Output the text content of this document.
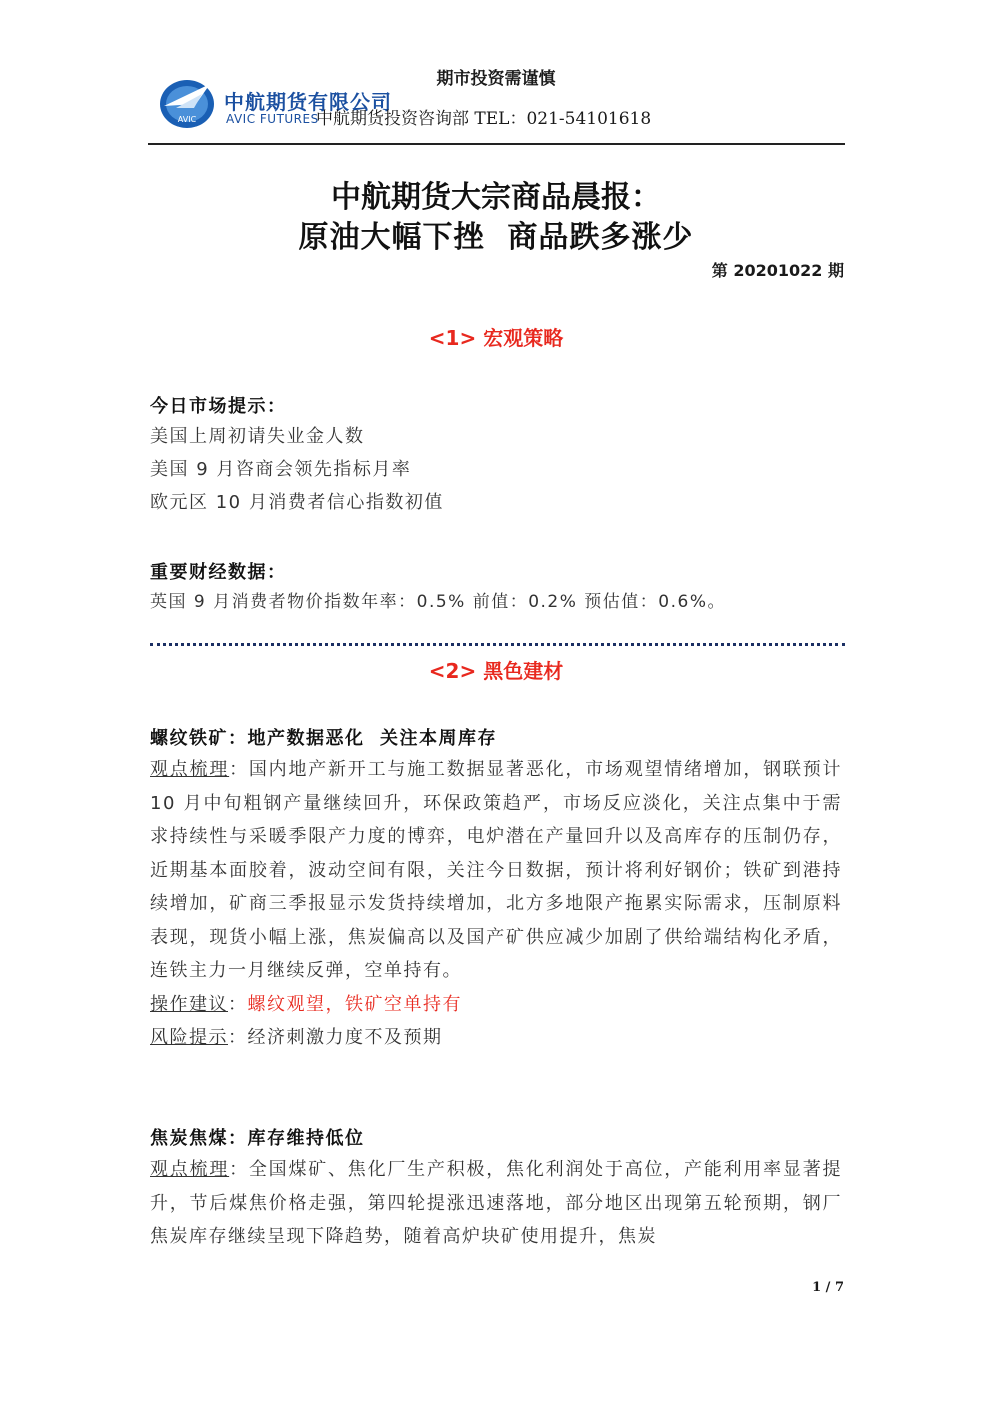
AVIC
中航期货有限公司
AVIC FUTURES
期市投资需谨慎
中航期货投资咨询部 TEL：021-54101618
中航期货大宗商品晨报：
原油大幅下挫  商品跌多涨少
第 20201022 期
<1> 宏观策略
今日市场提示：
美国上周初请失业金人数
美国 9 月咨商会领先指标月率
欧元区 10 月消费者信心指数初值
重要财经数据：
英国 9 月消费者物价指数年率：0.5% 前值：0.2% 预估值：0.6%。
<2> 黑色建材
螺纹铁矿：地产数据恶化  关注本周库存
观点梳理：国内地产新开工与施工数据显著恶化，市场观望情绪增加，钢联预计 10 月中旬粗钢产量继续回升，环保政策趋严，市场反应淡化，关注点集中于需求持续性与采暖季限产力度的博弈，电炉潜在产量回升以及高库存的压制仍存，近期基本面胶着，波动空间有限，关注今日数据，预计将利好钢价；铁矿到港持续增加，矿商三季报显示发货持续增加，北方多地限产拖累实际需求，压制原料表现，现货小幅上涨，焦炭偏高以及国产矿供应减少加剧了供给端结构化矛盾，连铁主力一月继续反弹，空单持有。
操作建议：螺纹观望，铁矿空单持有
风险提示：经济刺激力度不及预期
焦炭焦煤：库存维持低位
观点梳理：全国煤矿、焦化厂生产积极，焦化利润处于高位，产能利用率显著提升，节后煤焦价格走强，第四轮提涨迅速落地，部分地区出现第五轮预期，钢厂焦炭库存继续呈现下降趋势，随着高炉块矿使用提升，焦炭
1 / 7
